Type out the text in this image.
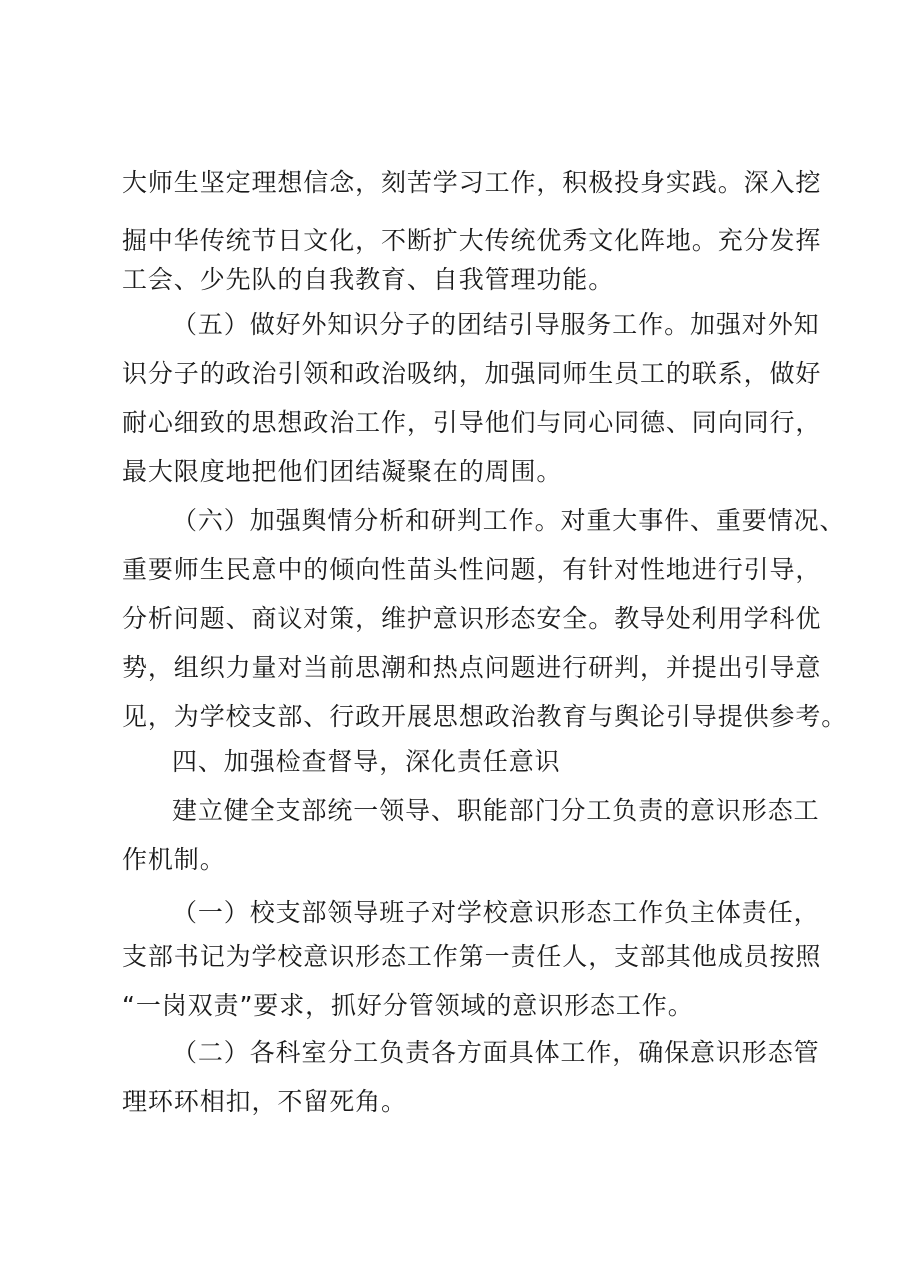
大师生坚定理想信念，刻苦学习工作，积极投身实践。深入挖
掘中华传统节日文化，不断扩大传统优秀文化阵地。充分发挥
工会、少先队的自我教育、自我管理功能。
（五）做好外知识分子的团结引导服务工作。加强对外知
识分子的政治引领和政治吸纳，加强同师生员工的联系，做好
耐心细致的思想政治工作，引导他们与同心同德、同向同行，
最大限度地把他们团结凝聚在的周围。
（六）加强舆情分析和研判工作。对重大事件、重要情况、
重要师生民意中的倾向性苗头性问题，有针对性地进行引导，
分析问题、商议对策，维护意识形态安全。教导处利用学科优
势，组织力量对当前思潮和热点问题进行研判，并提出引导意
见，为学校支部、行政开展思想政治教育与舆论引导提供参考。
四、加强检查督导，深化责任意识
建立健全支部统一领导、职能部门分工负责的意识形态工
作机制。
（一）校支部领导班子对学校意识形态工作负主体责任，
支部书记为学校意识形态工作第一责任人，支部其他成员按照
“一岗双责”要求，抓好分管领域的意识形态工作。
（二）各科室分工负责各方面具体工作，确保意识形态管
理环环相扣，不留死角。
